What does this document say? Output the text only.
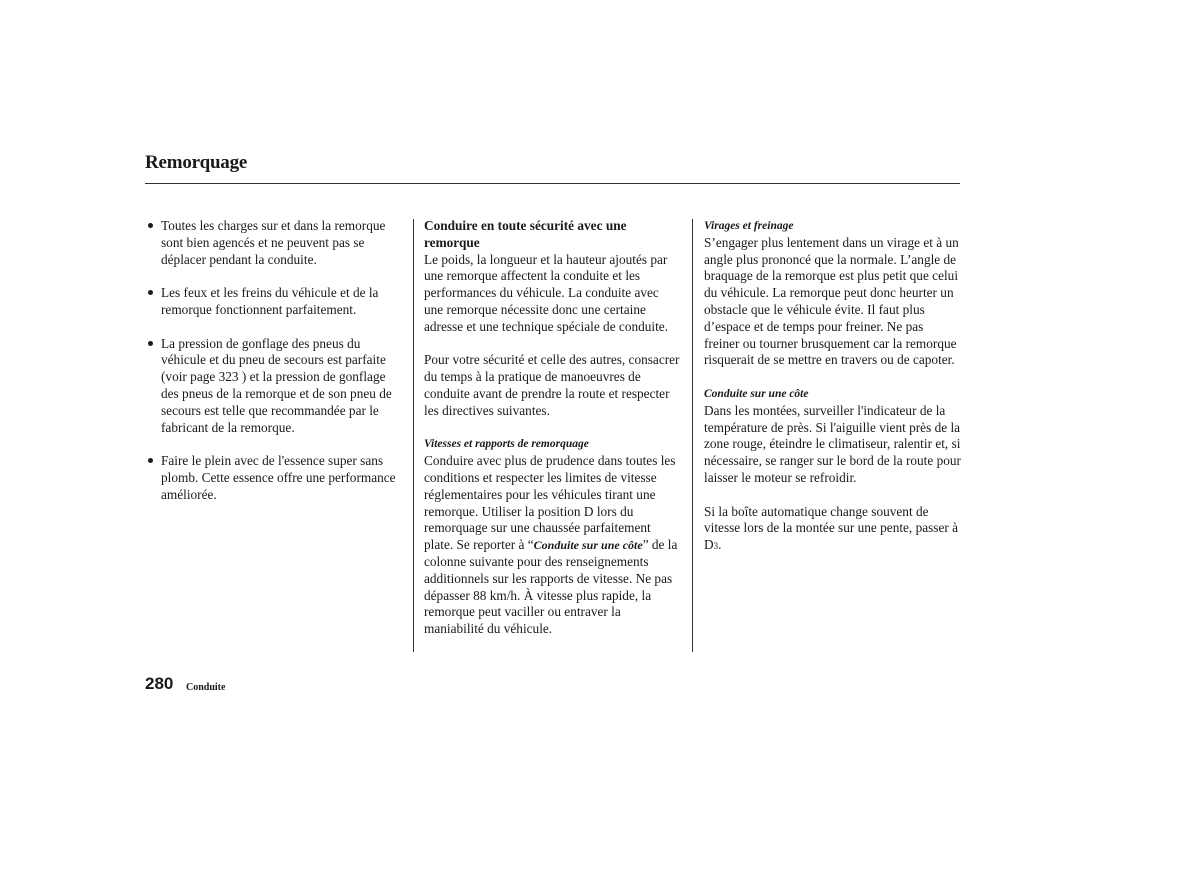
Remorquage

Toutes les charges sur et dans la remorque sont bien agencés et ne peuvent pas se déplacer pendant la conduite.

Les feux et les freins du véhicule et de la remorque fonctionnent parfaitement.

La pression de gonflage des pneus du véhicule et du pneu de secours est parfaite (voir page 323 ) et la pression de gonflage des pneus de la remorque et de son pneu de secours est telle que recommandée par le fabricant de la remorque.

Faire le plein avec de l'essence super sans plomb. Cette essence offre une performance améliorée.

Conduire en toute sécurité avec une remorque

Le poids, la longueur et la hauteur ajoutés par une remorque affectent la conduite et les performances du véhicule. La conduite avec une remorque nécessite donc une certaine adresse et une technique spéciale de conduite.

Pour votre sécurité et celle des autres, consacrer du temps à la pratique de manoeuvres de conduite avant de prendre la route et respecter les directives suivantes.

Vitesses et rapports de remorquage

Conduire avec plus de prudence dans toutes les conditions et respecter les limites de vitesse réglementaires pour les véhicules tirant une remorque. Utiliser la position D lors du remorquage sur une chaussée parfaitement plate. Se reporter à “Conduite sur une côte” de la colonne suivante pour des renseignements additionnels sur les rapports de vitesse. Ne pas dépasser 88 km/h. À vitesse plus rapide, la remorque peut vaciller ou entraver la maniabilité du véhicule.

Virages et freinage

S’engager plus lentement dans un virage et à un angle plus prononcé que la normale. L’angle de braquage de la remorque est plus petit que celui du véhicule. La remorque peut donc heurter un obstacle que le véhicule évite. Il faut plus d’espace et de temps pour freiner. Ne pas freiner ou tourner brusquement car la remorque risquerait de se mettre en travers ou de capoter.

Conduite sur une côte

Dans les montées, surveiller l'indicateur de la température de près. Si l'aiguille vient près de la zone rouge, éteindre le climatiseur, ralentir et, si nécessaire, se ranger sur le bord de la route pour laisser le moteur se refroidir.

Si la boîte automatique change souvent de vitesse lors de la montée sur une pente, passer à D3.

280 Conduite
